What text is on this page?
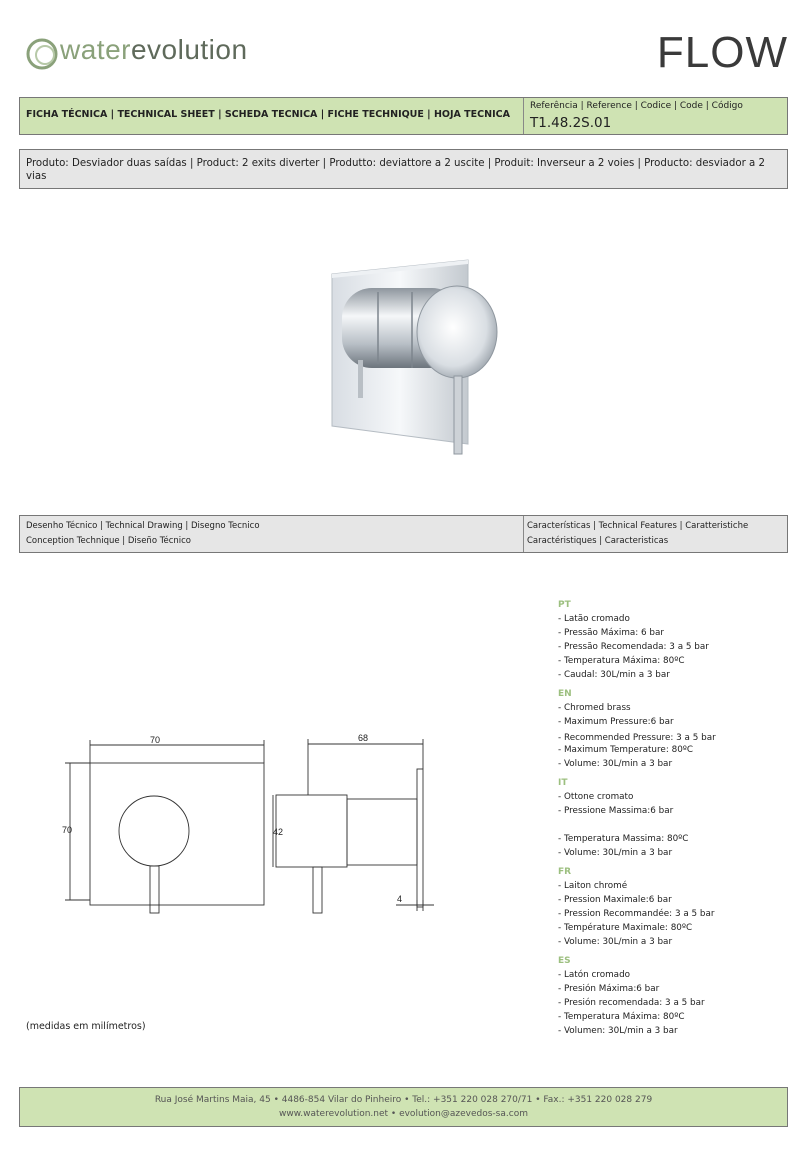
waterevolution	FLOW
FICHA TÉCNICA | TECHNICAL SHEET | SCHEDA TECNICA | FICHE TECHNIQUE | HOJA TECNICA
Referência | Reference | Codice | Code | Código
T1.48.2S.01
Produto: Desviador duas saídas | Product: 2 exits diverter | Produtto: deviattore a 2 uscite | Produit: Inverseur a 2 voies | Producto: desviador a 2 vias
Desenho Técnico | Technical Drawing | Disegno Tecnico
Conception Technique | Diseño Técnico
Características | Technical Features | Caratteristiche
Caractéristiques | Caracteristicas
70
70
68
42
4
(medidas em milímetros)
PT
- Latão cromado
- Pressão Máxima: 6 bar
- Pressão Recomendada: 3 a 5 bar
- Temperatura Máxima: 80ºC
- Caudal: 30L/min a 3 bar
EN
- Chromed brass
- Maximum Pressure:6 bar
- Recommended Pressure: 3 a 5 bar
- Maximum Temperature: 80ºC
- Volume: 30L/min a 3 bar
IT
- Ottone cromato
- Pressione Massima:6 bar
- Temperatura Massima: 80ºC
- Volume: 30L/min a 3 bar
FR
- Laiton chromé
- Pression Maximale:6 bar
- Pression Recommandée: 3 a 5 bar
- Température Maximale: 80ºC
- Volume: 30L/min a 3 bar
ES
- Latón cromado
- Presión Máxima:6 bar
- Presión recomendada: 3 a 5 bar
- Temperatura Máxima: 80ºC
- Volumen: 30L/min a 3 bar
Rua José Martins Maia, 45 • 4486-854 Vilar do Pinheiro • Tel.: +351 220 028 270/71 • Fax.: +351 220 028 279
www.waterevolution.net • evolution@azevedos-sa.com
